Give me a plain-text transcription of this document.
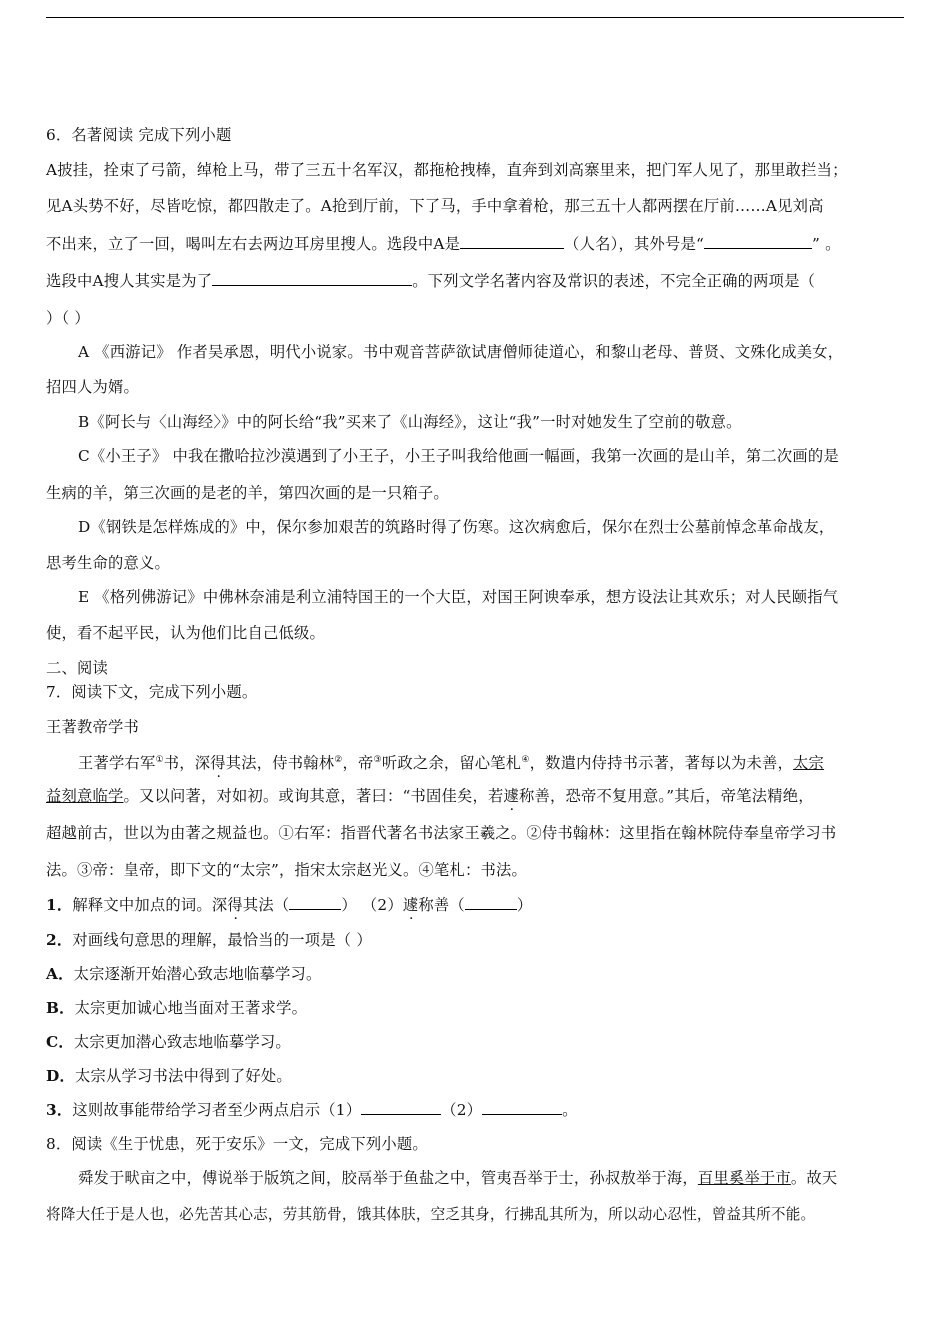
6．名著阅读 完成下列小题
A披挂，拴束了弓箭，绰枪上马，带了三五十名军汉，都拖枪拽棒，直奔到刘高寨里来，把门军人见了，那里敢拦当；
见A头势不好，尽皆吃惊，都四散走了。A抢到厅前，下了马，手中拿着枪，那三五十人都两摆在厅前……A见刘高
不出来，立了一回，喝叫左右去两边耳房里搜人。选段中A是	（人名），其外号是“	” 。
选段中A搜人其实是为了	。下列文学名著内容及常识的表述，不完全正确的两项是（
）（ ）
A 《西游记》 作者吴承恩，明代小说家。书中观音菩萨欲试唐僧师徒道心，和黎山老母、普贤、文殊化成美女，
招四人为婿。
B《阿长与〈山海经〉》中的阿长给“我”买来了《山海经》，这让“我”一时对她发生了空前的敬意。
C《小王子》 中我在撒哈拉沙漠遇到了小王子，小王子叫我给他画一幅画，我第一次画的是山羊，第二次画的是
生病的羊，第三次画的是老的羊，第四次画的是一只箱子。
D《钢铁是怎样炼成的》中，保尔参加艰苦的筑路时得了伤寒。这次病愈后，保尔在烈士公墓前悼念革命战友，
思考生命的意义。
E 《格列佛游记》中佛林奈浦是利立浦特国王的一个大臣，对国王阿谀奉承，想方设法让其欢乐；对人民颐指气
使，看不起平民，认为他们比自己低级。
二、阅读
7．阅读下文，完成下列小题。
王著教帝学书
王著学右军①书，深得其法，侍书翰林②，帝③听政之余，留心笔札④，数遣内侍持书示著，著每以为未善，太宗
益刻意临学。又以问著，对如初。或询其意，著曰：“书固佳矣，若遽称善，恐帝不复用意。”其后，帝笔法精绝，
超越前古，世以为由著之规益也。①右军：指晋代著名书法家王羲之。②侍书翰林：这里指在翰林院侍奉皇帝学习书
法。③帝：皇帝，即下文的“太宗”，指宋太宗赵光义。④笔札：书法。
1．解释文中加点的词。深得其法（	） （2）遽称善（	）
2．对画线句意思的理解，最恰当的一项是（ ）
A．太宗逐渐开始潜心致志地临摹学习。
B．太宗更加诚心地当面对王著求学。
C．太宗更加潜心致志地临摹学习。
D．太宗从学习书法中得到了好处。
3．这则故事能带给学习者至少两点启示（1）	（2）	。
8．阅读《生于忧患，死于安乐》一文，完成下列小题。
舜发于畎亩之中，傅说举于版筑之间，胶鬲举于鱼盐之中，管夷吾举于士，孙叔敖举于海，百里奚举于市。故天
将降大任于是人也，必先苦其心志，劳其筋骨，饿其体肤，空乏其身，行拂乱其所为，所以动心忍性，曾益其所不能。
